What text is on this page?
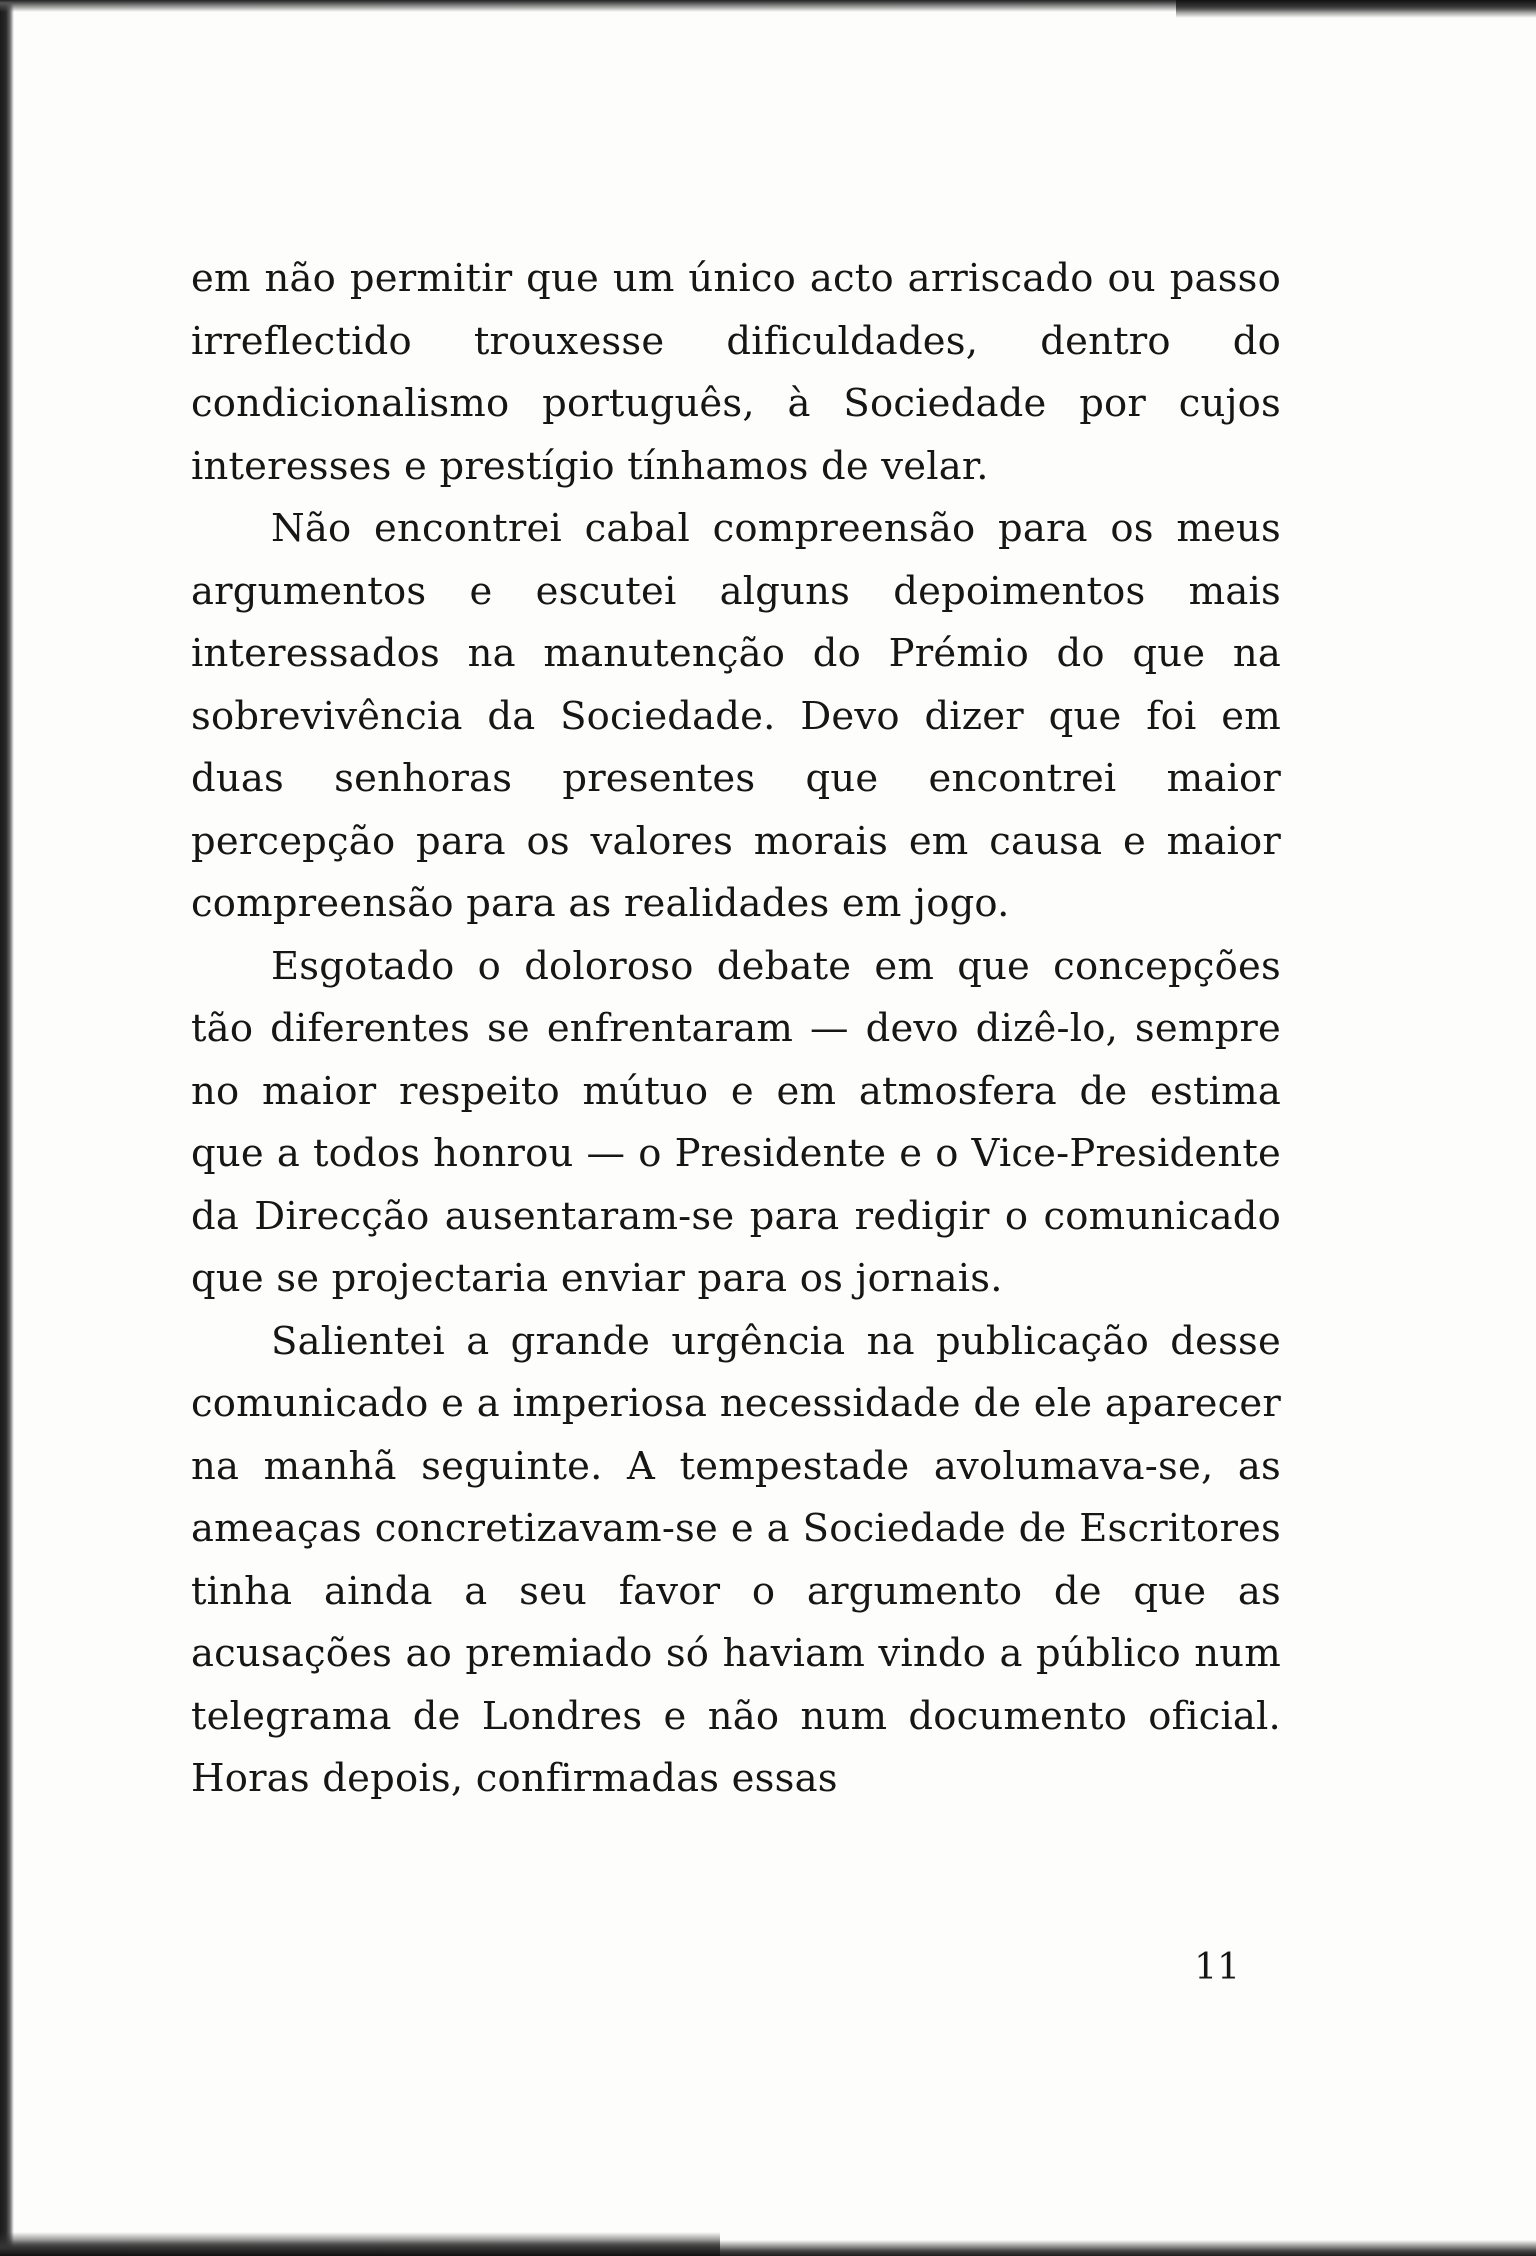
em não permitir que um único acto arriscado ou passo irreflectido trouxesse dificuldades, dentro do condicionalismo português, à Sociedade por cujos interesses e prestígio tínhamos de velar.

Não encontrei cabal compreensão para os meus argumentos e escutei alguns depoimentos mais interessados na manutenção do Prémio do que na sobrevivência da Sociedade. Devo dizer que foi em duas senhoras presentes que encontrei maior percepção para os valores morais em causa e maior compreensão para as realidades em jogo.

Esgotado o doloroso debate em que concepções tão diferentes se enfrentaram — devo dizê-lo, sempre no maior respeito mútuo e em atmosfera de estima que a todos honrou — o Presidente e o Vice-Presidente da Direcção ausentaram-se para redigir o comunicado que se projectaria enviar para os jornais.

Salientei a grande urgência na publicação desse comunicado e a imperiosa necessidade de ele aparecer na manhã seguinte. A tempestade avolumava-se, as ameaças concretizavam-se e a Sociedade de Escritores tinha ainda a seu favor o argumento de que as acusações ao premiado só haviam vindo a público num telegrama de Londres e não num documento oficial. Horas depois, confirmadas essas

11
